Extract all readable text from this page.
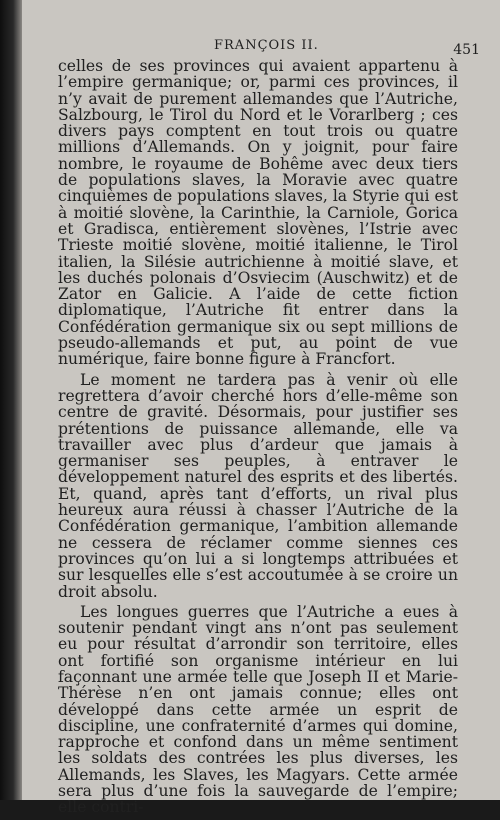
FRANÇOIS II.	451

celles de ses provinces qui avaient appartenu à l’empire germanique; or, parmi ces provinces, il n’y avait de purement allemandes que l’Autriche, Salzbourg, le Tirol du Nord et le Vorarlberg ; ces divers pays comptent en tout trois ou quatre millions d’Allemands. On y joignit, pour faire nombre, le royaume de Bohême avec deux tiers de populations slaves, la Moravie avec quatre cinquièmes de populations slaves, la Styrie qui est à moitié slovène, la Carinthie, la Carniole, Gorica et Gradisca, entièrement slovènes, l’Istrie avec Trieste moitié slovène, moitié italienne, le Tirol italien, la Silésie autrichienne à moitié slave, et les duchés polonais d’Osviecim (Auschwitz) et de Zator en Galicie. A l’aide de cette fiction diplomatique, l’Autriche fit entrer dans la Confédération germanique six ou sept millions de pseudo-allemands et put, au point de vue numérique, faire bonne figure à Francfort.

Le moment ne tardera pas à venir où elle regrettera d’avoir cherché hors d’elle-même son centre de gravité. Désormais, pour justifier ses prétentions de puissance allemande, elle va travailler avec plus d’ardeur que jamais à germaniser ses peuples, à entraver le développement naturel des esprits et des libertés. Et, quand, après tant d’efforts, un rival plus heureux aura réussi à chasser l’Autriche de la Confédération germanique, l’ambition allemande ne cessera de réclamer comme siennes ces provinces qu’on lui a si longtemps attribuées et sur lesquelles elle s’est accoutumée à se croire un droit absolu.

Les longues guerres que l’Autriche a eues à soutenir pendant vingt ans n’ont pas seulement eu pour résultat d’arrondir son territoire, elles ont fortifié son organisme intérieur en lui façonnant une armée telle que Joseph II et Marie-Thérèse n’en ont jamais connue; elles ont développé dans cette armée un esprit de discipline, une confraternité d’armes qui domine, rapproche et confond dans un même sentiment les soldats des contrées les plus diverses, les Allemands, les Slaves, les Magyars. Cette armée sera plus d’une fois la sauvegarde de l’empire; elle contri-
